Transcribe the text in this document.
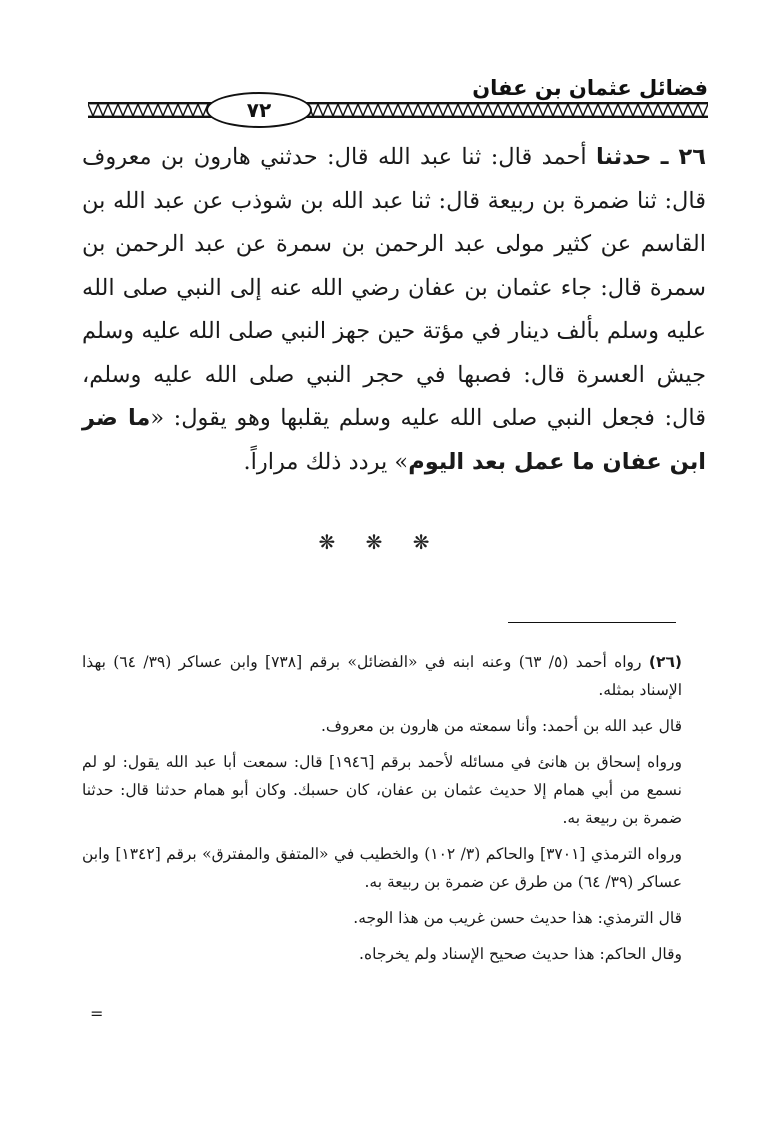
فضائل عثمان بن عفان
٧٢
٢٦ ـ حدثنا أحمد قال: ثنا عبد الله قال: حدثني هارون بن معروف قال: ثنا ضمرة بن ربيعة قال: ثنا عبد الله بن شوذب عن عبد الله بن القاسم عن كثير مولى عبد الرحمن بن سمرة عن عبد الرحمن بن سمرة قال: جاء عثمان بن عفان رضي الله عنه إلى النبي صلى الله عليه وسلم بألف دينار في مؤتة حين جهز النبي صلى الله عليه وسلم جيش العسرة قال: فصبها في حجر النبي صلى الله عليه وسلم، قال: فجعل النبي صلى الله عليه وسلم يقلبها وهو يقول: «ما ضر ابن عفان ما عمل بعد اليوم» يردد ذلك مراراً.
❋ ❋ ❋

(٢٦) رواه أحمد (٥/ ٦٣) وعنه ابنه في «الفضائل» برقم [٧٣٨] وابن عساكر (٣٩/ ٦٤) بهذا الإسناد بمثله.

قال عبد الله بن أحمد: وأنا سمعته من هارون بن معروف.

ورواه إسحاق بن هانئ في مسائله لأحمد برقم [١٩٤٦] قال: سمعت أبا عبد الله يقول: لو لم نسمع من أبي همام إلا حديث عثمان بن عفان، كان حسبك. وكان أبو همام حدثنا قال: حدثنا ضمرة بن ربيعة به.

ورواه الترمذي [٣٧٠١] والحاكم (٣/ ١٠٢) والخطيب في «المتفق والمفترق» برقم [١٣٤٢] وابن عساكر (٣٩/ ٦٤) من طرق عن ضمرة بن ربيعة به.

قال الترمذي: هذا حديث حسن غريب من هذا الوجه.

وقال الحاكم: هذا حديث صحيح الإسناد ولم يخرجاه.

=
